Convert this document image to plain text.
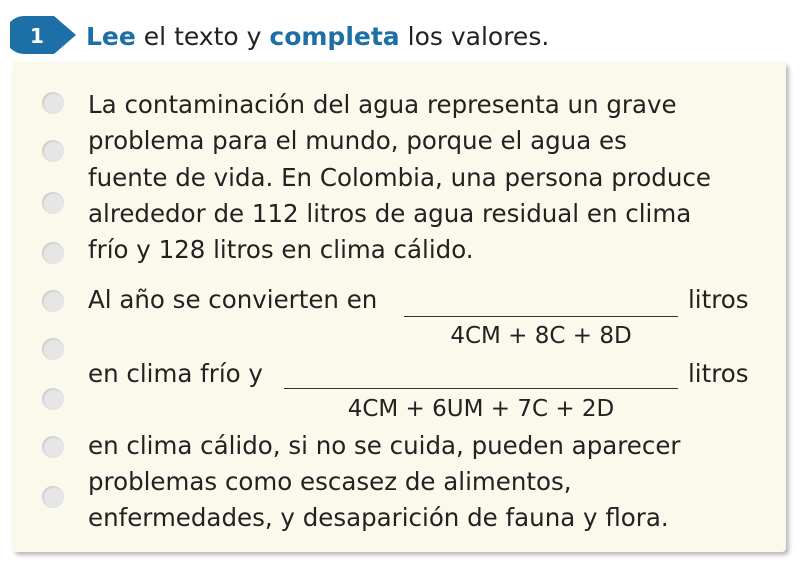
1 Lee el texto y completa los valores.
La contaminación del agua representa un grave
problema para el mundo, porque el agua es
fuente de vida. En Colombia, una persona produce
alrededor de 112 litros de agua residual en clima
frío y 128 litros en clima cálido.
Al año se convierten en	litros
4CM + 8C + 8D
en clima frío y	litros
4CM + 6UM + 7C + 2D
en clima cálido, si no se cuida, pueden aparecer
problemas como escasez de alimentos,
enfermedades, y desaparición de fauna y flora.
